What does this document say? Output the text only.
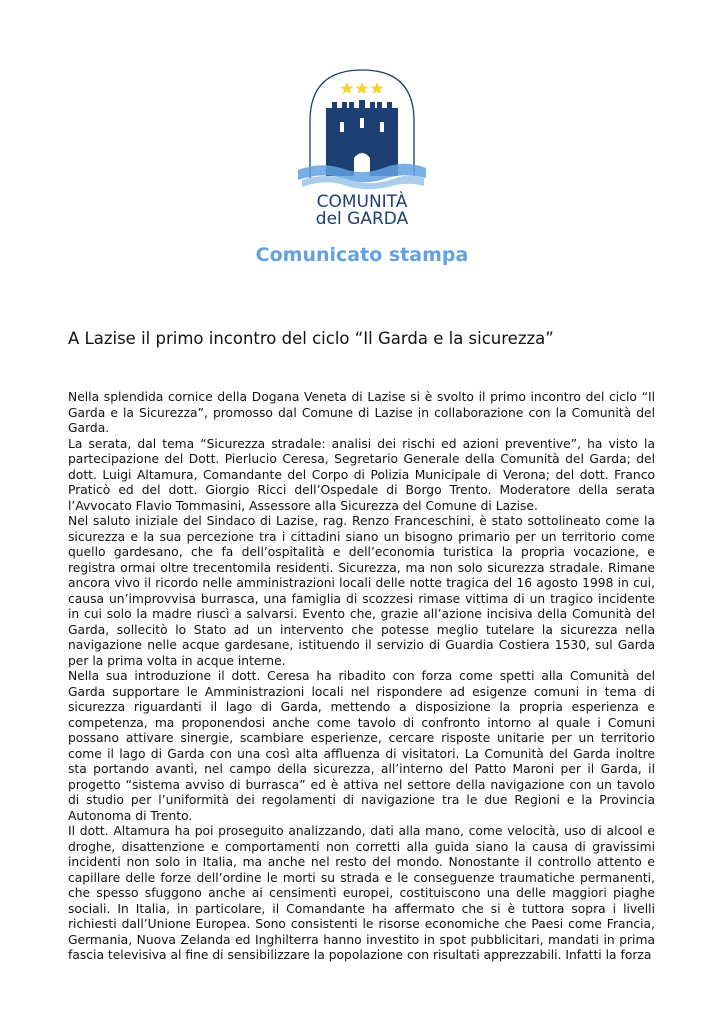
COMUNITÀ
del GARDA
Comunicato stampa
A Lazise il primo incontro del ciclo “Il Garda e la sicurezza”

Nella splendida cornice della Dogana Veneta di Lazise si è svolto il primo incontro del ciclo “Il Garda e la Sicurezza”, promosso dal Comune di Lazise in collaborazione con la Comunità del Garda.

La serata, dal tema “Sicurezza stradale: analisi dei rischi ed azioni preventive”, ha visto la partecipazione del Dott. Pierlucio Ceresa, Segretario Generale della Comunità del Garda; del dott. Luigi Altamura, Comandante del Corpo di Polizia Municipale di Verona; del dott. Franco Praticò ed del dott. Giorgio Ricci dell’Ospedale di Borgo Trento. Moderatore della serata l’Avvocato Flavio Tommasini, Assessore alla Sicurezza del Comune di Lazise.

Nel saluto iniziale del Sindaco di Lazise, rag. Renzo Franceschini, è stato sottolineato come la sicurezza e la sua percezione tra i cittadini siano un bisogno primario per un territorio come quello gardesano, che fa dell’ospitalità e dell’economia turistica la propria vocazione, e registra ormai oltre trecentomila residenti. Sicurezza, ma non solo sicurezza stradale. Rimane ancora vivo il ricordo nelle amministrazioni locali delle notte tragica del 16 agosto 1998 in cui, causa un’improvvisa burrasca, una famiglia di scozzesi rimase vittima di un tragico incidente in cui solo la madre riuscì a salvarsi. Evento che, grazie all’azione incisiva della Comunità del Garda, sollecitò lo Stato ad un intervento che potesse meglio tutelare la sicurezza nella navigazione nelle acque gardesane, istituendo il servizio di Guardia Costiera 1530, sul Garda per la prima volta in acque interne.

Nella sua introduzione il dott. Ceresa ha ribadito con forza come spetti alla Comunità del Garda supportare le Amministrazioni locali nel rispondere ad esigenze comuni in tema di sicurezza riguardanti il lago di Garda, mettendo a disposizione la propria esperienza e competenza, ma proponendosi anche come tavolo di confronto intorno al quale i Comuni possano attivare sinergie, scambiare esperienze, cercare risposte unitarie per un territorio come il lago di Garda con una così alta affluenza di visitatori. La Comunità del Garda inoltre sta portando avanti, nel campo della sicurezza, all’interno del Patto Maroni per il Garda, il progetto “sistema avviso di burrasca” ed è attiva nel settore della navigazione con un tavolo di studio per l’uniformità dei regolamenti di navigazione tra le due Regioni e la Provincia Autonoma di Trento.

Il dott. Altamura ha poi proseguito analizzando, dati alla mano, come velocità, uso di alcool e droghe, disattenzione e comportamenti non corretti alla guida siano la causa di gravissimi incidenti non solo in Italia, ma anche nel resto del mondo. Nonostante il controllo attento e capillare delle forze dell’ordine le morti su strada e le conseguenze traumatiche permanenti, che spesso sfuggono anche ai censimenti europei, costituiscono una delle maggiori piaghe sociali. In Italia, in particolare, il Comandante ha affermato che si è tuttora sopra i livelli richiesti dall’Unione Europea. Sono consistenti le risorse economiche che Paesi come Francia, Germania, Nuova Zelanda ed Inghilterra hanno investito in spot pubblicitari, mandati in prima fascia televisiva al fine di sensibilizzare la popolazione con risultati apprezzabili. Infatti la forza
